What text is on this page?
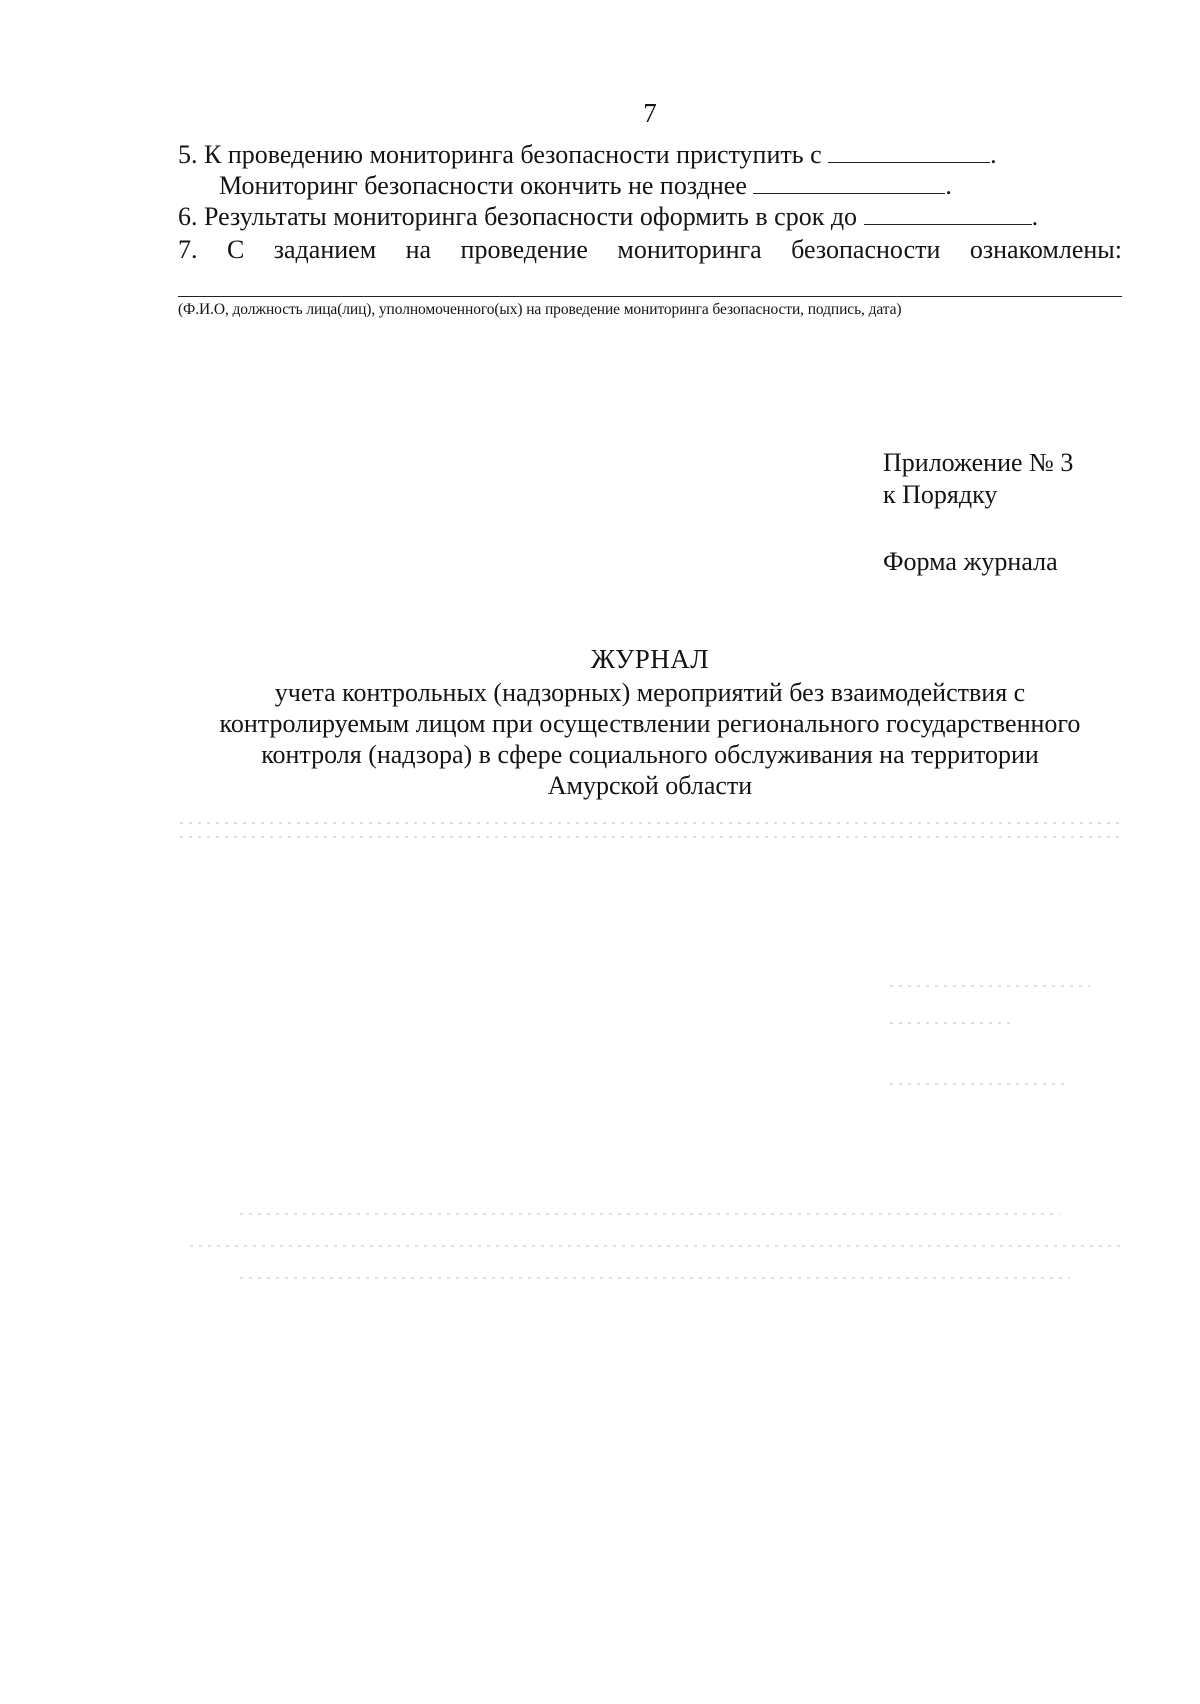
7
5. К проведению мониторинга безопасности приступить с	.
Мониторинг безопасности окончить не позднее	.
6. Результаты мониторинга безопасности оформить в срок до	.
7. С заданием на проведение мониторинга безопасности ознакомлены:
(Ф.И.О, должность лица(лиц), уполномоченного(ых) на проведение мониторинга безопасности, подпись, дата)
Приложение № 3
к Порядку
Форма журнала
ЖУРНАЛ
учета контрольных (надзорных) мероприятий без взаимодействия с
контролируемым лицом при осуществлении регионального государственного
контроля (надзора) в сфере социального обслуживания на территории
Амурской области
